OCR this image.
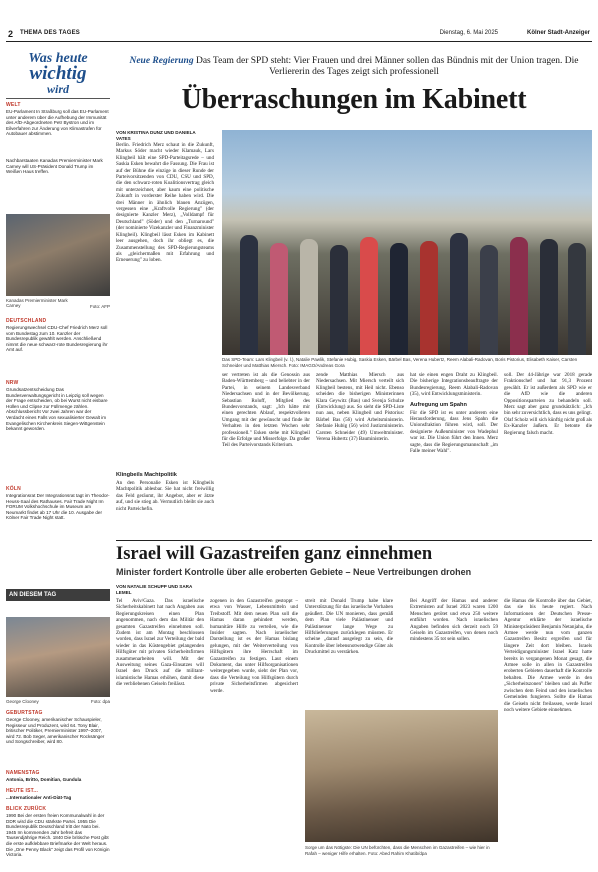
2 THEMA DES TAGES	Dienstag, 6. Mai 2025	Kölner Stadt-Anzeiger
Was heute
wichtig
wird
WELT
EU-Parlament In Straßburg soll das EU-Parlament unter anderem über die Aufhebung der Immunität des AfD-Abgeordneten Petr Bystron und im Eilverfahren zur Änderung von Klimastrafen für Autobauer abstimmen.
Nachbarstaaten Kanadas Premierminister Mark Carney will US-Präsident Donald Trump im Weißen Haus treffen.
Kanadas Premierminister Mark Carney	Foto: AFP
DEUTSCHLAND
Regierungswechsel CDU-Chef Friedrich Merz soll vom Bundestag zum 10. Kanzler der Bundesrepublik gewählt werden. Anschließend nimmt die neue schwarz-rote Bundesregierung ihr Amt auf.
NRW
Grundsatzentscheidung Das Bundesverwaltungsgericht in Leipzig soll wegen der Frage entscheiden, ob bei Wurst nicht eisbare Hüllen und Clipse zur Füllmenge zählen. Abschlussbericht Vor zwei Jahren war der Verdacht eines Falls von sexualisierter Gewalt im Evangelischen Kirchenkreis Siegen-Wittgenstein bekannt geworden.
KÖLN
Integrationsrat Der Integrationsrat tagt im Theodor-Heuss-Saal des Rathauses. Fair Trade Night Im FORUM Volkshochschule im Museum am Neumarkt findet ab 17 Uhr die 10. Ausgabe der Kölner Fair Trade Night statt.
AN DIESEM TAG
George Clooney	Foto: dpa
GEBURTSTAG
George Clooney, amerikanischer Schauspieler, Regisseur und Produzent, wird 64. Tony Blair, britischer Politiker, Premierminister 1997–2007, wird 72. Bob Seger, amerikanischer Rocksänger und Songschreiber, wird 80.
NAMENSTAG
Antonia, Britto, Domitian, Gundula
HEUTE IST...
...Internationaler Anti-Diät-Tag
BLICK ZURÜCK
1990 Bei der ersten freien Kommunalwahl in der DDR wird die CDU stärkste Partei. 1955 Die Bundesrepublik Deutschland tritt der Nato bei. 1945 Im kommenden Jahr befreit das Tausendjährige Reich. 1840 Die britische Post gibt die erste aufklebbare Briefmarke der Welt heraus. Die „One Penny Black" zeigt das Profil von Königin Victoria.
Neue Regierung Das Team der SPD steht: Vier Frauen und drei Männer sollen das Bündnis mit der Union tragen. Die Verliererin des Tages zeigt sich professionell
Überraschungen im Kabinett
VON KRISTINA DUNZ UND DANIELA VATES
Berlin. Friedrich Merz schaut in die Zukunft, Markus Söder macht wieder Klamauk, Lars Klingbeil hält eine SPD-Parteitagsrede – und Saskia Esken bewahrt die Fassung. Die Frau ist auf der Bühne die einzige in dieser Runde der Parteivorsitzenden von CDU, CSU und SPD, die den schwarz-roten Koalitionsvertrag gleich mit unterzeichnet, aber kaum eine politische Zukunft in vorderster Reihe haben wird. Die drei Männer in ähnlich blauen Anzügen, vergessen eine „Kraftvolle Regierung" (der designierte Kanzler Merz), „Volldampf für Deutschland" (Söder) und den „Turnaround" (der nominierte Vizekanzler und Finanzminister Klingbeil). Klingbeil lässt Esken im Kabinett leer ausgehen, doch ihr obliegt es, die Zusammenstellung des SPD-Regierungsteams als „gleichermaßen mit Erfahrung und Erneuerung" zu loben.
Klingbeils Machtpolitik
An den Personalie Esken ist Klingbeils Machtpolitik ablesbar. Sie hat nicht freiwillig das Feld geräumt, ihr Angebot, aber er ätzte auf, und sie stieg ab. Vermutlich bleibt sie auch nicht Parteichefin.
Das SPD-Team: Lars Klingbeil (v. l.), Natalie Pawlik, Stefanie Hubig, Saskia Esken, Bärbel Bas, Verena Hubertz, Reem Alabali-Radovan, Boris Pistorius, Elisabeth Kaiser, Carsten Schneider und Matthias Miersch. Foto: IMAGO/Andreas Gora
ser vertreten ist als die Genossin aus Baden-Württemberg – und beliebter in der Partei, in seinem Landesverband Niedersachsen und in der Bevölkerung. Sebastian Roloff, Mitglied des Bundesvorstands, sagt: „Ich hätte mir einen gerechten Ablauf, respektvolleren Umgang mit der gewünscht und finde ihr Verhalten in den letzten Wochen sehr professionell." Esken stehe mit Klingbeil für die Erfolge und Misserfolge. Da großer Teil des Parteivorstands Kriterium.
zende Matthias Miersch aus Niedersachsen. Mit Miersch verteilt sich Klingbeil bestens, mit Heil nicht. Ebenso scheiden die bisherigen Ministerinnen Klara Geywitz (Bau) und Svenja Schulze (Entwicklung) aus. So sieht die SPD-Liste nun aus, neben Klingbeil und Pistorius: Bärbel Bas (56) wird Arbeitsministerin. Stefanie Hubig (56) wird Justizministerin. Carsten Schneider (49) Umweltminister. Verena Hubertz (37) Bauministerin.
hat sie einen engen Draht zu Klingbeil. Die bisherige Integrationsbeauftragte der Bundesregierung, Reem Alabali-Radovan (35), wird Entwicklungsministerin.
Aufregung um Spahn
Für die SPD ist es unter anderem eine Herausforderung, dass Jens Spahn die Unionsfraktion führen wird, soll. Der designierte Außenminister von Wadephul war ist. Die Union führt den Innen. Merz sagte, dass die Regierungsmannschaft „im Falle meiner Wahl".
soll. Der 44-Jährige war 2018 gerade Fraktionschef und hat 91,3 Prozent gewählt. Er ist außerdem als SPD wie er die AfD wie die anderen Oppositionsparteien zu behandeln soll. Merz sagt aber ganz grundsätzlich: „Ich bin sehr zuversichtlich, dass es uns gelingt. Olaf Scholz will sich künftig nicht groß als Ex-Kanzler äußern. Er betonte die Regierung falsch macht.
Israel will Gazastreifen ganz einnehmen
Minister fordert Kontrolle über alle eroberten Gebiete – Neue Vertreibungen drohen
VON NATALIE SCHUPP UND SARA LEMEL
Tel Aviv/Gaza. Das israelische Sicherheitskabinett hat nach Angaben aus Regierungskreisen einen Plan angenommen, nach dem das Militär den gesamten Gazastreifen einnehmen soll. Zudem ist am Montag beschlossen worden, dass Israel zur Verteilung der bald wieder in das Küstengebiet gelangenden Hilfsgüter mit privaten Sicherheitsfirmen zusammenarbeiten will. Mit der Ausweitung seines Gaza-Einsatzes will Israel den Druck auf die militant-islamistische Hamas erhöhen, damit diese die verbliebenen Geiseln freilässt.
zogenen in den Gazastreifen gestoppt – etwa von Wasser, Lebensmitteln und Treibstoff. Mit dem neuen Plan soll die Hamas daran gehindert werden, humanitäre Hilfe zu verteilen, wie die Insider sagten. Nach israelischer Darstellung ist es der Hamas bislang gelungen, mit der Weiterverteilung von Hilfsgütern ihre Herrschaft im Gazastreifen zu festigen. Laut einem Dokument, das unter Hilfsorganisationen weitergegeben wurde, sieht der Plan vor, dass die Verteilung von Hilfsgütern durch private Sicherheitsfirmen abgesichert werde.
streit mit Donald Trump habe klare Unterstützung für das israelische Vorhaben geäußert. Die UN monieren, dass gemäß dem Plan viele Palästinenser und Palästinenser lange Wege zu Hilfslieferungen zurücklegen müssten. Er scheine „darauf ausgelegt zu sein, die Kontrolle über lebensnotwendige Güter als Druckmittel zu verstärken.
Bei Angriff der Hamas und anderer Extremisten auf Israel 2023 waren 1200 Menschen getötet und etwa 250 weitere entführt worden. Nach israelischen Angaben befinden sich derzeit noch 59 Geiseln im Gazastreifen, von denen noch mindestens 35 tot sein sollen.
die Hamas die Kontrolle über das Gebiet, das sie bis heute regiert. Nach Informationen der Deutschen Presse-Agentur erklärte der israelische Ministerpräsident Benjamin Netanjahu, die Armee werde nun vom ganzen Gazastreifen Besitz ergreifen und für längere Zeit dort bleiben. Israels Verteidigungsminister Israel Katz hatte bereits in vergangenen Monat gesagt, die Armee solle in allen in Gazastreifen eroberten Gebieten dauerhaft die Kontrolle behalten. Die Armee werde in den „Sicherheitszonen" bleiben und als Puffer zwischen dem Feind und den israelischen Gemeinden fungieren. Sollte die Hamas die Geiseln nicht freilassen, werde Israel noch weitere Gebiete einnehmen.
Sorge um das Nötigste: Die UN befürchten, dass die Menschen im Gazastreifen – wie hier in Rafah – weniger Hilfe erhalten. Foto: Abed Rahim Khatib/dpa
